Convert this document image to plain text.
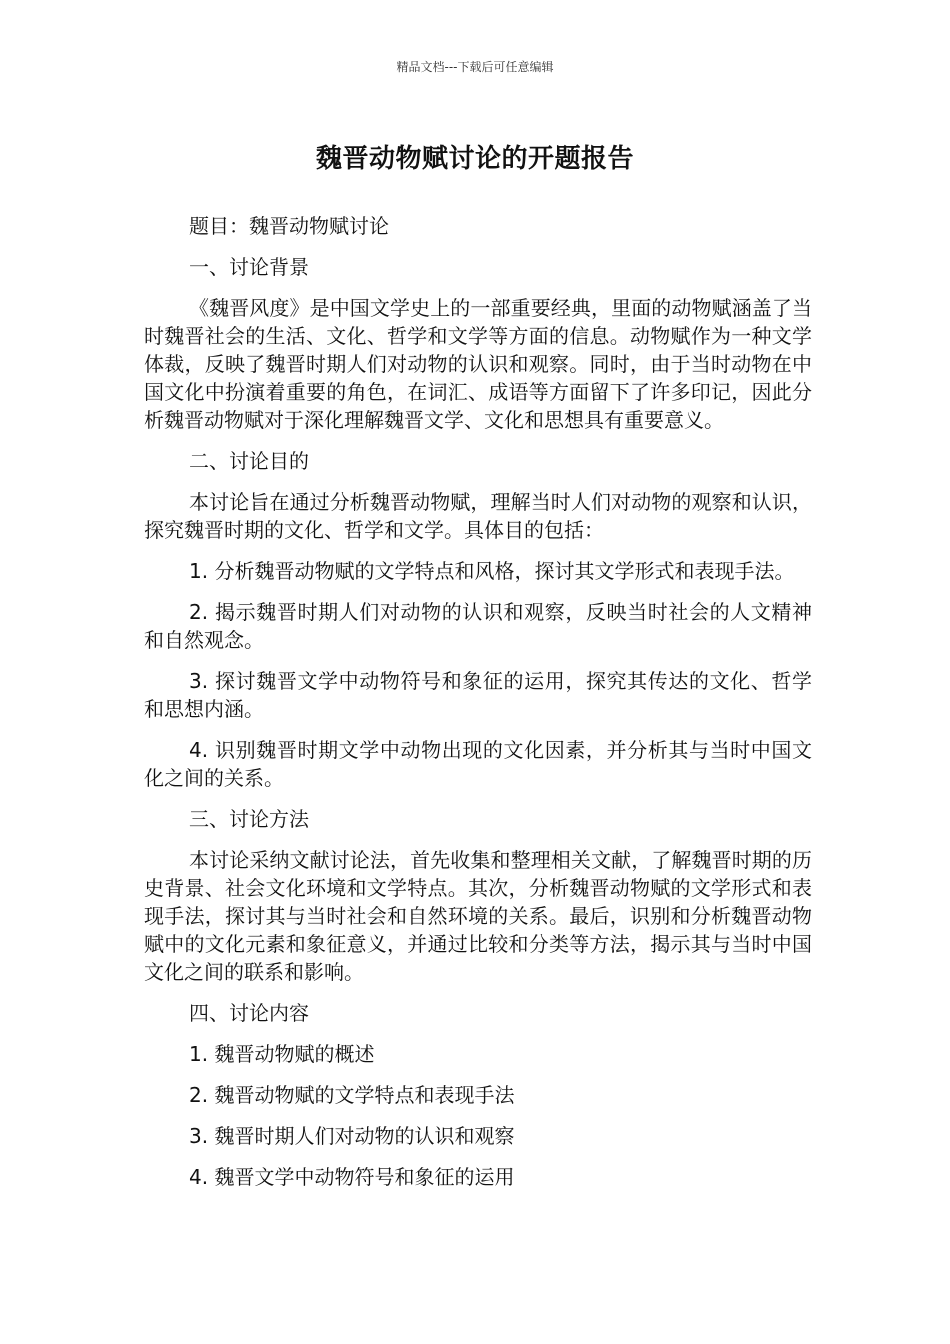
精品文档---下载后可任意编辑
魏晋动物赋讨论的开题报告

题目：魏晋动物赋讨论

一、讨论背景

《魏晋风度》是中国文学史上的一部重要经典，里面的动物赋涵盖了当时魏晋社会的生活、文化、哲学和文学等方面的信息。动物赋作为一种文学体裁，反映了魏晋时期人们对动物的认识和观察。同时，由于当时动物在中国文化中扮演着重要的角色，在词汇、成语等方面留下了许多印记，因此分析魏晋动物赋对于深化理解魏晋文学、文化和思想具有重要意义。

二、讨论目的

本讨论旨在通过分析魏晋动物赋，理解当时人们对动物的观察和认识，探究魏晋时期的文化、哲学和文学。具体目的包括：

1. 分析魏晋动物赋的文学特点和风格，探讨其文学形式和表现手法。

2. 揭示魏晋时期人们对动物的认识和观察，反映当时社会的人文精神和自然观念。

3. 探讨魏晋文学中动物符号和象征的运用，探究其传达的文化、哲学和思想内涵。

4. 识别魏晋时期文学中动物出现的文化因素，并分析其与当时中国文化之间的关系。

三、讨论方法

本讨论采纳文献讨论法，首先收集和整理相关文献，了解魏晋时期的历史背景、社会文化环境和文学特点。其次，分析魏晋动物赋的文学形式和表现手法，探讨其与当时社会和自然环境的关系。最后，识别和分析魏晋动物赋中的文化元素和象征意义，并通过比较和分类等方法，揭示其与当时中国文化之间的联系和影响。

四、讨论内容

1. 魏晋动物赋的概述

2. 魏晋动物赋的文学特点和表现手法

3. 魏晋时期人们对动物的认识和观察

4. 魏晋文学中动物符号和象征的运用
